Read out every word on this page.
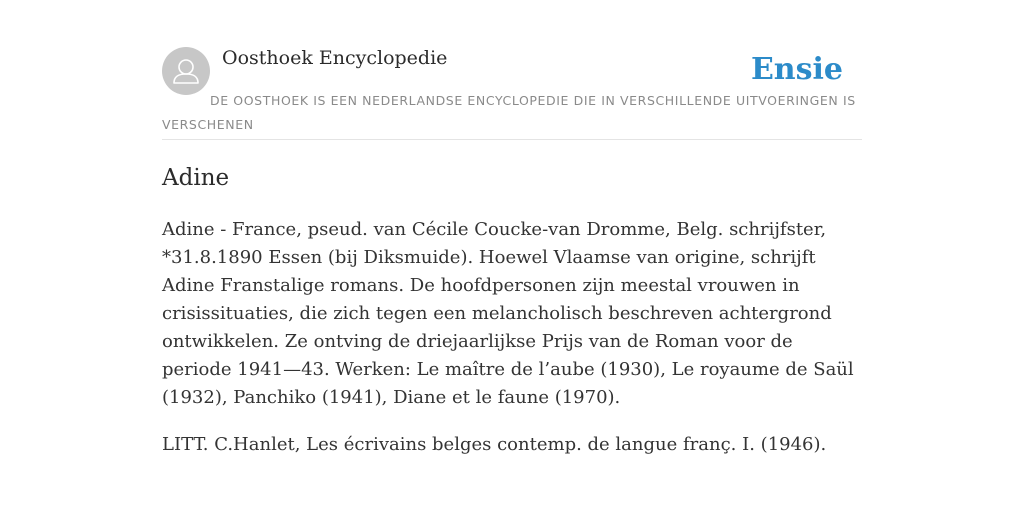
Oosthoek Encyclopedie	Ensie
DE OOSTHOEK IS EEN NEDERLANDSE ENCYCLOPEDIE DIE IN VERSCHILLENDE UITVOERINGEN IS VERSCHENEN
Adine

Adine - France, pseud. van Cécile Coucke-van Dromme, Belg. schrijfster, *31.8.1890 Essen (bij Diksmuide). Hoewel Vlaamse van origine, schrijft Adine Franstalige romans. De hoofdpersonen zijn meestal vrouwen in crisissituaties, die zich tegen een melancholisch beschreven achtergrond ontwikkelen. Ze ontving de driejaarlijkse Prijs van de Roman voor de periode 1941—43. Werken: Le maître de l’aube (1930), Le royaume de Saül (1932), Panchiko (1941), Diane et le faune (1970).

LITT. C.Hanlet, Les écrivains belges contemp. de langue franç. I. (1946).
